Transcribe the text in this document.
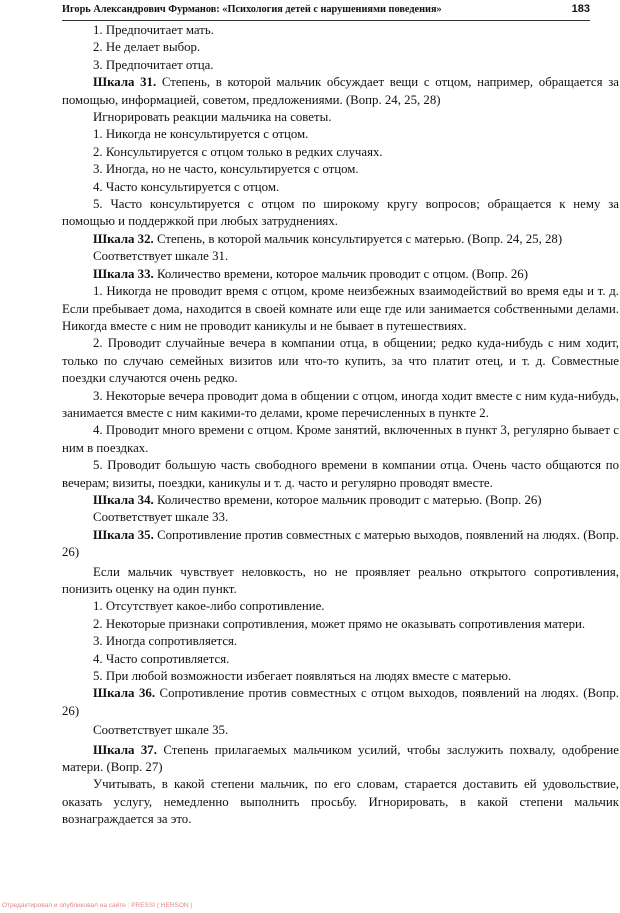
Игорь Александрович Фурманов: «Психология детей с нарушениями поведения»	183

1. Предпочитает мать.

2. Не делает выбор.

3. Предпочитает отца.

Шкала 31. Степень, в которой мальчик обсуждает вещи с отцом, например, обращается за помощью, информацией, советом, предложениями. (Вопр. 24, 25, 28)

Игнорировать реакции мальчика на советы.

1. Никогда не консультируется с отцом.

2. Консультируется с отцом только в редких случаях.

3. Иногда, но не часто, консультируется с отцом.

4. Часто консультируется с отцом.

5. Часто консультируется с отцом по широкому кругу вопросов; обращается к нему за помощью и поддержкой при любых затруднениях.

Шкала 32. Степень, в которой мальчик консультируется с матерью. (Вопр. 24, 25, 28)

Соответствует шкале 31.

Шкала 33. Количество времени, которое мальчик проводит с отцом. (Вопр. 26)

1. Никогда не проводит время с отцом, кроме неизбежных взаимодействий во время еды и т. д. Если пребывает дома, находится в своей комнате или еще где или занимается собственными делами. Никогда вместе с ним не проводит каникулы и не бывает в путешествиях.

2. Проводит случайные вечера в компании отца, в общении; редко куда-нибудь с ним ходит, только по случаю семейных визитов или что-то купить, за что платит отец, и т. д. Совместные поездки случаются очень редко.

3. Некоторые вечера проводит дома в общении с отцом, иногда ходит вместе с ним куда-нибудь, занимается вместе с ним какими-то делами, кроме перечисленных в пункте 2.

4. Проводит много времени с отцом. Кроме занятий, включенных в пункт 3, регулярно бывает с ним в поездках.

5. Проводит большую часть свободного времени в компании отца. Очень часто общаются по вечерам; визиты, поездки, каникулы и т. д. часто и регулярно проводят вместе.

Шкала 34. Количество времени, которое мальчик проводит с матерью. (Вопр. 26)

Соответствует шкале 33.

Шкала 35. Сопротивление против совместных с матерью выходов, появлений на людях. (Вопр. 26)

Если мальчик чувствует неловкость, но не проявляет реально открытого сопротивления, понизить оценку на один пункт.

1. Отсутствует какое-либо сопротивление.

2. Некоторые признаки сопротивления, может прямо не оказывать сопротивления матери.

3. Иногда сопротивляется.

4. Часто сопротивляется.

5. При любой возможности избегает появляться на людях вместе с матерью.

Шкала 36. Сопротивление против совместных с отцом выходов, появлений на людях. (Вопр. 26)

Соответствует шкале 35.

Шкала 37. Степень прилагаемых мальчиком усилий, чтобы заслужить похвалу, одобрение матери. (Вопр. 27)

Учитывать, в какой степени мальчик, по его словам, старается доставить ей удовольствие, оказать услугу, немедленно выполнить просьбу. Игнорировать, в какой степени мальчик вознаграждается за это.

Отредактировал и опубликовал на сайте : PRESSI ( HERSON )
